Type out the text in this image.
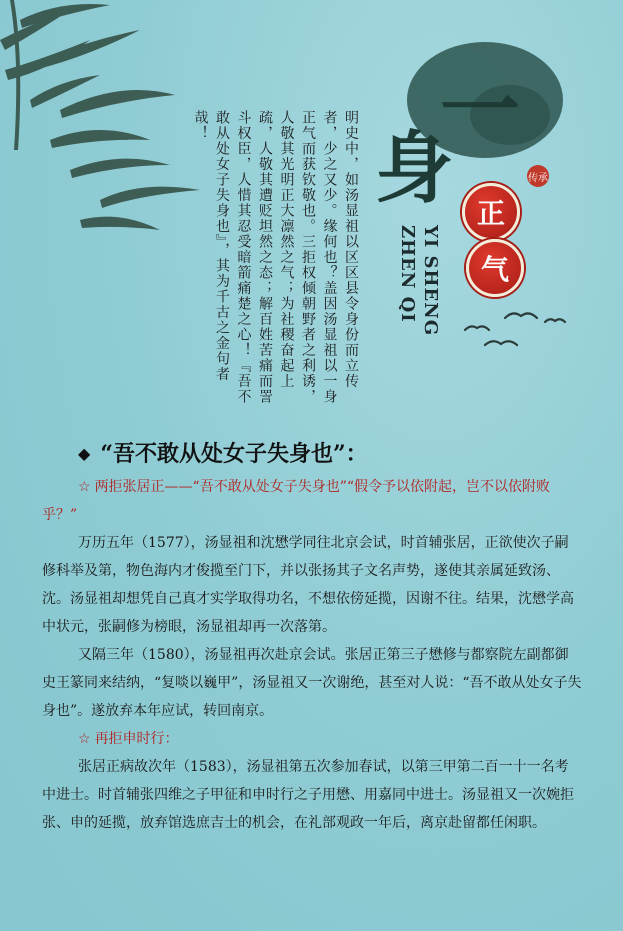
一
身	传承
正
气
YI SHENG
ZHEN QI

明史中，如汤显祖以区区县令身份而立传者，少之又少。缘何也？盖因汤显祖以一身正气而获钦敬也。三拒权倾朝野者之利诱，人敬其光明正大凛然之气；为社稷奋起上疏，人敬其遭贬坦然之态；解百姓苦痛而詈斗权臣，人惜其忍受暗箭痛楚之心！『吾不敢从处女子失身也』，其为千古之金句者哉！

◆ “吾不敢从处女子失身也”：

☆ 两拒张居正——“吾不敢从处女子失身也”“假令予以依附起，岂不以依附败乎？”

万历五年（1577），汤显祖和沈懋学同往北京会试，时首辅张居，正欲使次子嗣修科举及第，物色海内才俊揽至门下，并以张扬其子文名声势，遂使其亲属延致汤、沈。汤显祖却想凭自己真才实学取得功名，不想依傍延揽，因谢不往。结果，沈懋学高中状元，张嗣修为榜眼，汤显祖却再一次落第。

又隔三年（1580），汤显祖再次赴京会试。张居正第三子懋修与都察院左副都御史王篆同来结纳，“复啖以巍甲”，汤显祖又一次谢绝，甚至对人说：“吾不敢从处女子失身也”。遂放弃本年应试，转回南京。

☆ 再拒申时行：

张居正病故次年（1583），汤显祖第五次参加春试，以第三甲第二百一十一名考中进士。时首辅张四维之子甲征和申时行之子用懋、用嘉同中进士。汤显祖又一次婉拒张、申的延揽，放弃馆选庶吉士的机会，在礼部观政一年后，离京赴留都任闲职。
